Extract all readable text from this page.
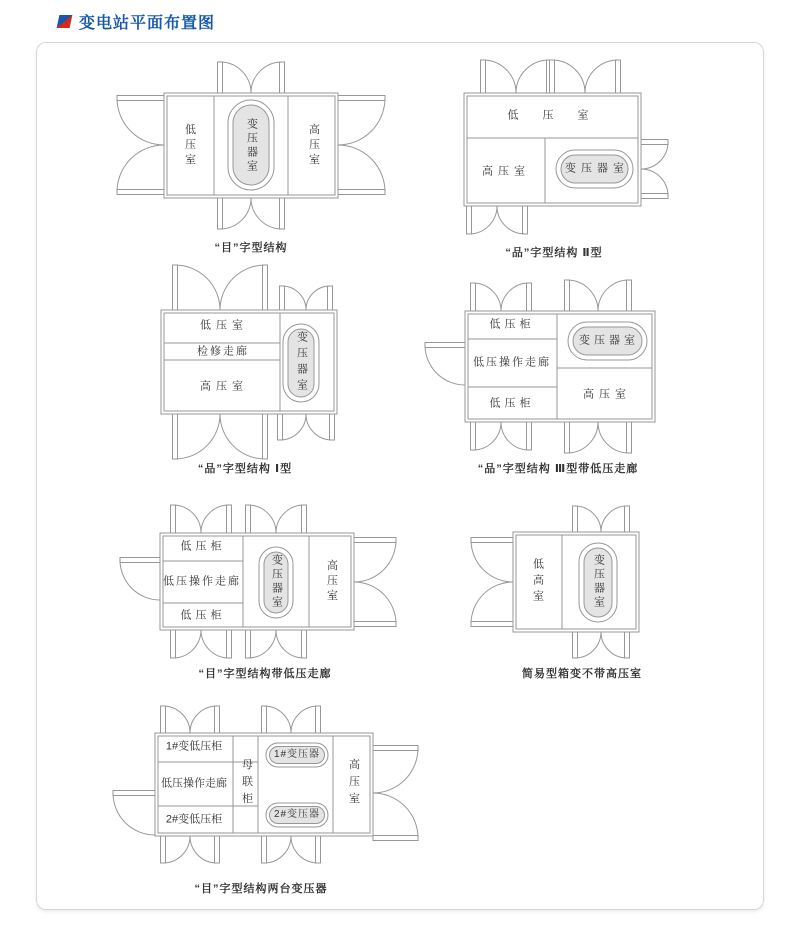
变电站平面布置图
低压室	变压器室	高压室
“目”字型结构
低压室
高压室	变压器室
“品”字型结构 Ⅱ型
低压室
检修走廊
高压室	变压器室
“品”字型结构 Ⅰ型
低压柜
低压操作走廊
低压柜
变压器室
高压室
“品”字型结构 Ⅲ型带低压走廊
低压柜
低压操作走廊
低压柜
变压器室	高压室
“目”字型结构带低压走廊
低高室	变压器室
简易型箱变不带高压室
1#变低压柜
低压操作走廊
2#变低压柜
母联柜
1#变压器
2#变压器
高压室
“目”字型结构两台变压器
